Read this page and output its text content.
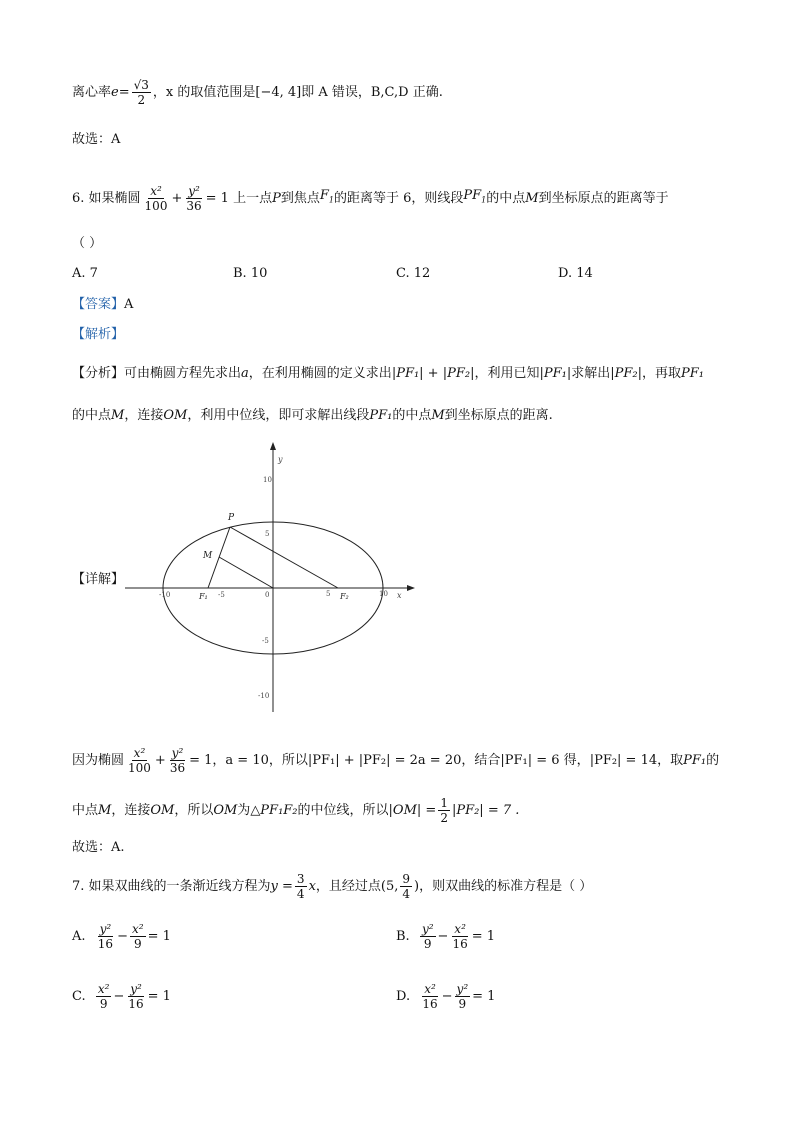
离心率 $e = \frac{√3}{2}$ ，x 的取值范围是 [−4, 4] 即 A 错误，B,C,D 正确.
故选：A
6. 如果椭圆 $\frac{\text{x²}}{100} + \frac{\text{y²}}{36} = 1$ 上一点 P 到焦点 $F_1$ 的距离等于 6，则线段 $PF_1$ 的中点 M 到坐标原点的距离等于
（ ）
A. 7	B. 10	C. 12	D. 14
【答案】 A
【解析】
【分析】 可由椭圆方程先求出 a ，在利用椭圆的定义求出 |PF₁| + |PF₂| ，利用已知 |PF₁| 求解出 |PF₂| ，再取 PF₁
的中点 M ，连接 OM ，利用中位线，即可求解出线段 PF₁ 的中点 M 到坐标原点的距离.
【详解】
y
x
P
M
F₁	F₂
10
5
0
-5
-10
-10	-5	5	10
因为椭圆 $\frac{\text{x²}}{100} + \frac{\text{y²}}{36} = 1$， a = 10，所以 |PF₁| + |PF₂| = 2a = 20，结合 |PF₁| = 6 得， |PF₂| = 14，取 PF₁ 的
中点 M ，连接 OM ，所以 OM 为 △PF₁F₂ 的中位线，所以 $|OM| = \frac{1}{2} |PF_2| = 7$ .
故选：A.
7. 如果双曲线的一条渐近线方程为 $y = \frac{3}{4}$ x ，且经过点 (5, $\frac{9}{4}$ ) ，则双曲线的标准方程是（ ）
A.
$\frac{\text{y²}}{16} - \frac{\text{x²}}{9} = 1$	B.
$\frac{\text{y²}}{9} - \frac{\text{x²}}{16} = 1$
C.
$\frac{\text{x²}}{9} - \frac{\text{y²}}{16} = 1$	D.
$\frac{\text{x²}}{16} - \frac{\text{y²}}{9} = 1$
